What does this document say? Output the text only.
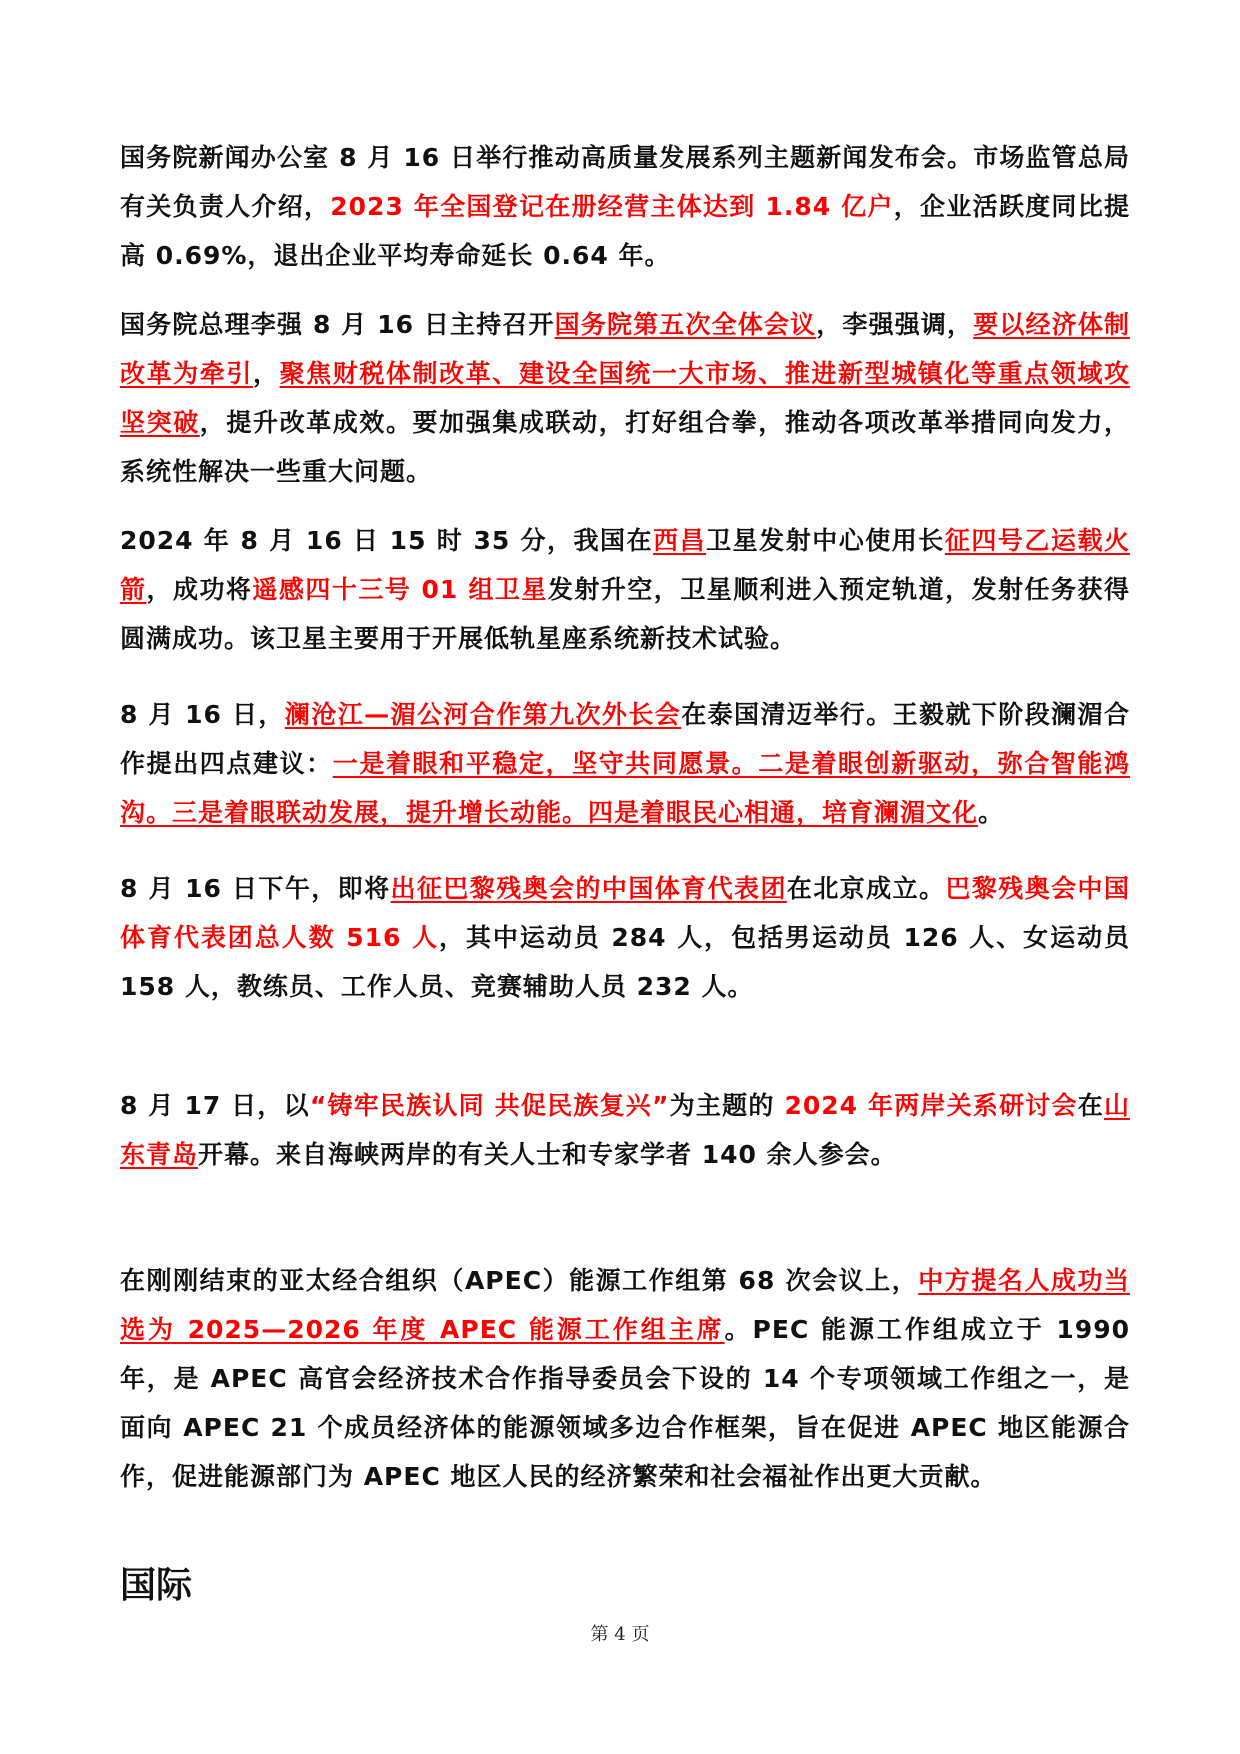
国务院新闻办公室 8 月 16 日举行推动高质量发展系列主题新闻发布会。市场监管总局有关负责人介绍，2023 年全国登记在册经营主体达到 1.84 亿户，企业活跃度同比提高 0.69%，退出企业平均寿命延长 0.64 年。

国务院总理李强 8 月 16 日主持召开国务院第五次全体会议，李强强调，要以经济体制改革为牵引，聚焦财税体制改革、建设全国统一大市场、推进新型城镇化等重点领域攻坚突破，提升改革成效。要加强集成联动，打好组合拳，推动各项改革举措同向发力，系统性解决一些重大问题。

2024 年 8 月 16 日 15 时 35 分，我国在西昌卫星发射中心使用长征四号乙运载火箭，成功将遥感四十三号 01 组卫星发射升空，卫星顺利进入预定轨道，发射任务获得圆满成功。该卫星主要用于开展低轨星座系统新技术试验。

8 月 16 日，澜沧江—湄公河合作第九次外长会在泰国清迈举行。王毅就下阶段澜湄合作提出四点建议：一是着眼和平稳定，坚守共同愿景。二是着眼创新驱动，弥合智能鸿沟。三是着眼联动发展，提升增长动能。四是着眼民心相通，培育澜湄文化。

8 月 16 日下午，即将出征巴黎残奥会的中国体育代表团在北京成立。巴黎残奥会中国体育代表团总人数 516 人，其中运动员 284 人，包括男运动员 126 人、女运动员 158 人，教练员、工作人员、竞赛辅助人员 232 人。

8 月 17 日，以“铸牢民族认同 共促民族复兴”为主题的 2024 年两岸关系研讨会在山东青岛开幕。来自海峡两岸的有关人士和专家学者 140 余人参会。

在刚刚结束的亚太经合组织（APEC）能源工作组第 68 次会议上，中方提名人成功当选为 2025—2026 年度 APEC 能源工作组主席。PEC 能源工作组成立于 1990 年，是 APEC 高官会经济技术合作指导委员会下设的 14 个专项领域工作组之一，是面向 APEC 21 个成员经济体的能源领域多边合作框架，旨在促进 APEC 地区能源合作，促进能源部门为 APEC 地区人民的经济繁荣和社会福祉作出更大贡献。

国际
第 4 页
